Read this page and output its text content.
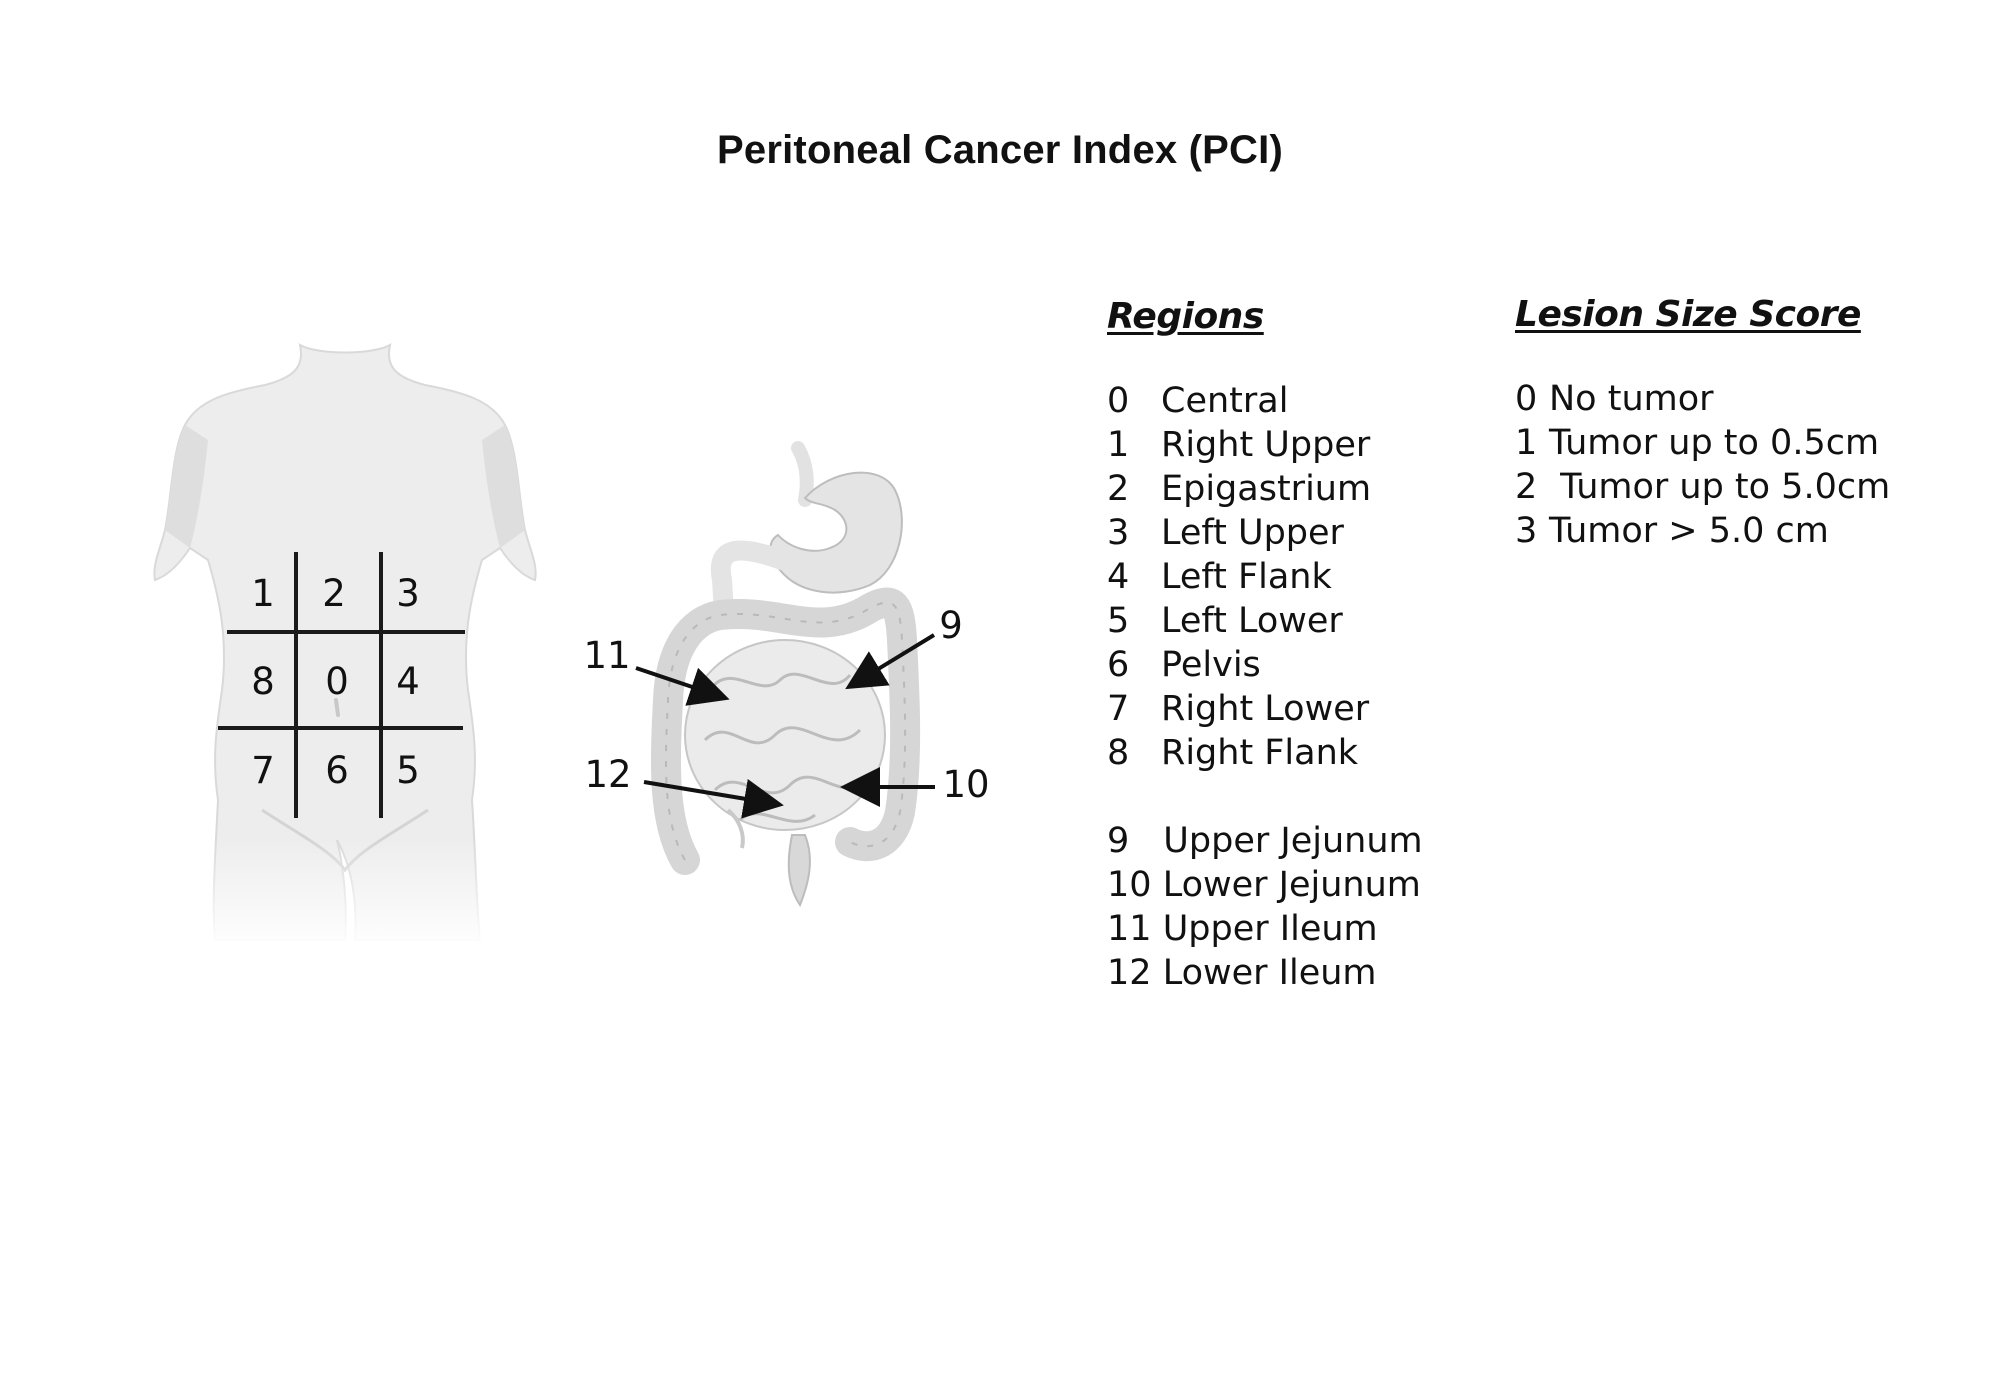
Peritoneal Cancer Index (PCI)
1 2 3
8 0 4
7 6 5
9
11
12	10
Regions
0 Central
1 Right Upper
2 Epigastrium
3 Left Upper
4 Left Flank
5 Left Lower
6 Pelvis
7 Right Lower
8 Right Flank
9 Upper Jejunum
10 Lower Jejunum
11 Upper Ileum
12 Lower Ileum
Lesion Size Score
0 No tumor
1 Tumor up to 0.5cm
2 Tumor up to 5.0cm
3 Tumor > 5.0 cm
